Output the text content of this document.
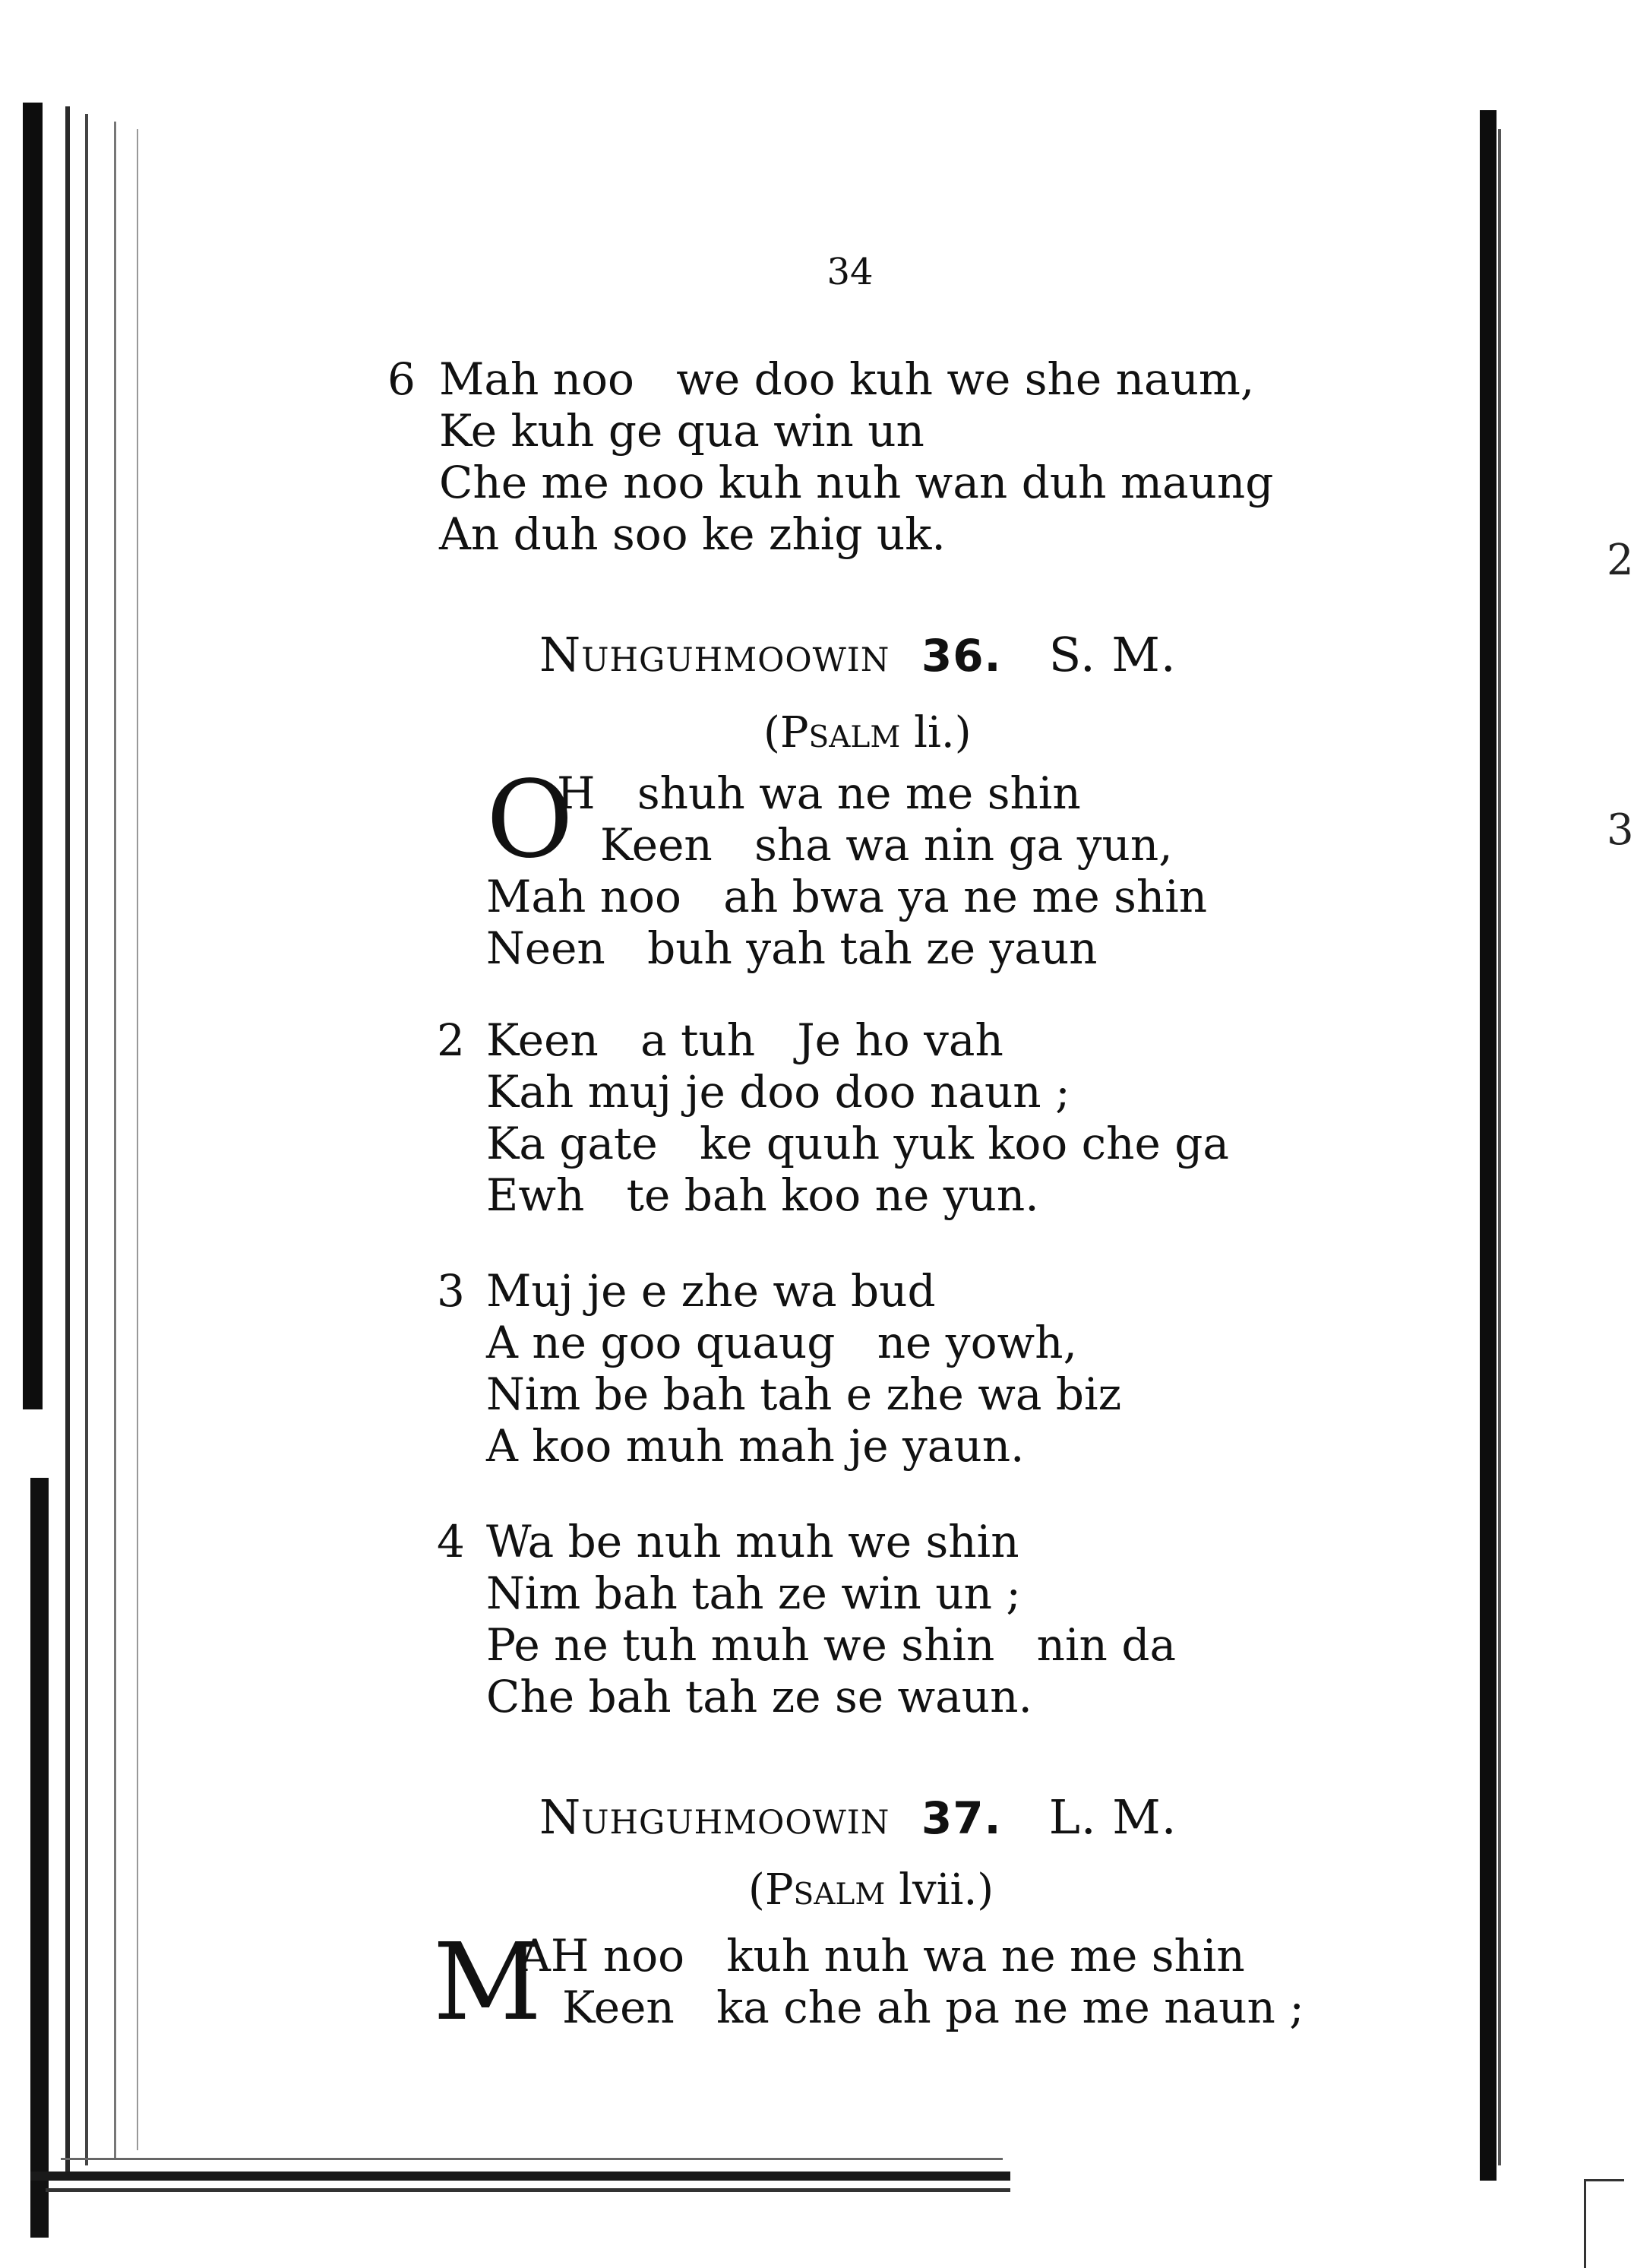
2
3
34
6 Mah noo   we doo kuh we she naum,
Ke kuh ge qua win un
Che me noo kuh nuh wan duh maung
An duh soo ke zhig uk.
Nuhguhmoowin 36. S. M.
(Psalm li.)
O
H   shuh wa ne me shin
Keen   sha wa nin ga yun,
Mah noo   ah bwa ya ne me shin
Neen   buh yah tah ze yaun
2 Keen   a tuh   Je ho vah
Kah muj je doo doo naun ;
Ka gate   ke quuh yuk koo che ga
Ewh   te bah koo ne yun.
3 Muj je e zhe wa bud
A ne goo quaug   ne yowh,
Nim be bah tah e zhe wa biz
A koo muh mah je yaun.
4 Wa be nuh muh we shin
Nim bah tah ze win un ;
Pe ne tuh muh we shin   nin da
Che bah tah ze se waun.
Nuhguhmoowin 37. L. M.
(Psalm lvii.)
M
AH noo   kuh nuh wa ne me shin
Keen   ka che ah pa ne me naun ;
